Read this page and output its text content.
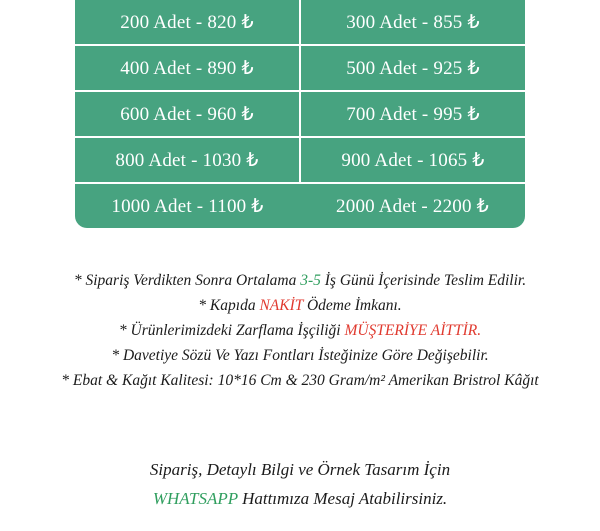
200 Adet - 820 ₺	300 Adet - 855 ₺
400 Adet - 890 ₺	500 Adet - 925 ₺
600 Adet - 960 ₺	700 Adet - 995 ₺
800 Adet - 1030 ₺	900 Adet - 1065 ₺
1000 Adet - 1100 ₺	2000 Adet - 2200 ₺
* Sipariş Verdikten Sonra Ortalama 3-5 İş Günü İçerisinde Teslim Edilir.
* Kapıda NAKİT Ödeme İmkanı.
* Ürünlerimizdeki Zarflama İşçiliği MÜŞTERİYE AİTTİR.
* Davetiye Sözü Ve Yazı Fontları İsteğinize Göre Değişebilir.
* Ebat & Kağıt Kalitesi: 10*16 Cm & 230 Gram/m² Amerikan Bristrol Kâğıt
Sipariş, Detaylı Bilgi ve Örnek Tasarım İçin
WHATSAPP Hattımıza Mesaj Atabilirsiniz.
